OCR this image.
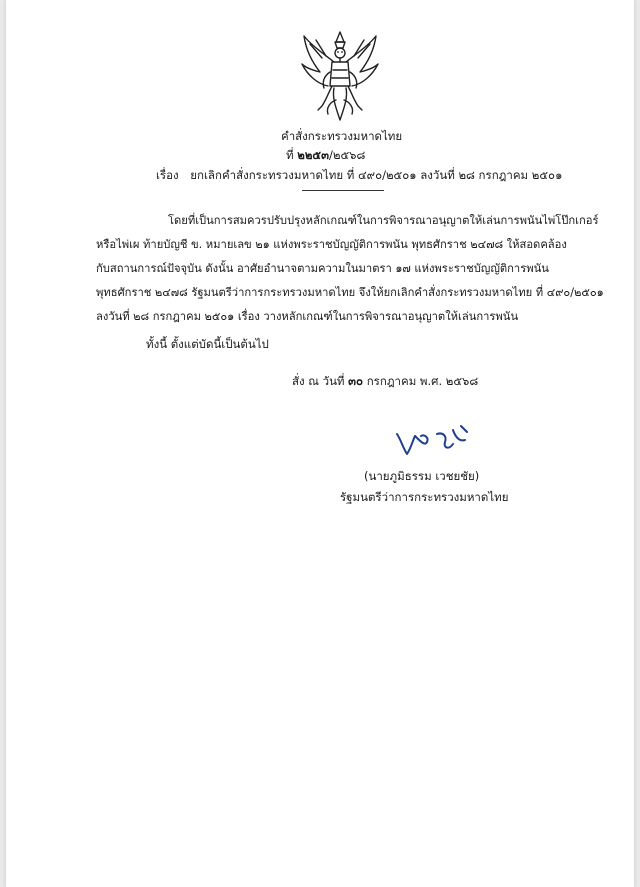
คำสั่งกระทรวงมหาดไทย
ที่ ๒๒๕๓/๒๕๖๘
เรื่อง ยกเลิกคำสั่งกระทรวงมหาดไทย ที่ ๔๙๐/๒๕๐๑ ลงวันที่ ๒๘ กรกฎาคม ๒๕๐๑
โดยที่เป็นการสมควรปรับปรุงหลักเกณฑ์ในการพิจารณาอนุญาตให้เล่นการพนันไพ่โป๊กเกอร์
หรือไพ่เผ ท้ายบัญชี ข. หมายเลข ๒๑ แห่งพระราชบัญญัติการพนัน พุทธศักราช ๒๔๗๘ ให้สอดคล้อง
กับสถานการณ์ปัจจุบัน ดังนั้น อาศัยอำนาจตามความในมาตรา ๑๗ แห่งพระราชบัญญัติการพนัน
พุทธศักราช ๒๔๗๘ รัฐมนตรีว่าการกระทรวงมหาดไทย จึงให้ยกเลิกคำสั่งกระทรวงมหาดไทย ที่ ๔๙๐/๒๕๐๑
ลงวันที่ ๒๘ กรกฎาคม ๒๕๐๑ เรื่อง วางหลักเกณฑ์ในการพิจารณาอนุญาตให้เล่นการพนัน
ทั้งนี้ ตั้งแต่บัดนี้เป็นต้นไป
สั่ง ณ วันที่ ๓๐ กรกฎาคม พ.ศ. ๒๕๖๘
(นายภูมิธรรม เวชยชัย)
รัฐมนตรีว่าการกระทรวงมหาดไทย
